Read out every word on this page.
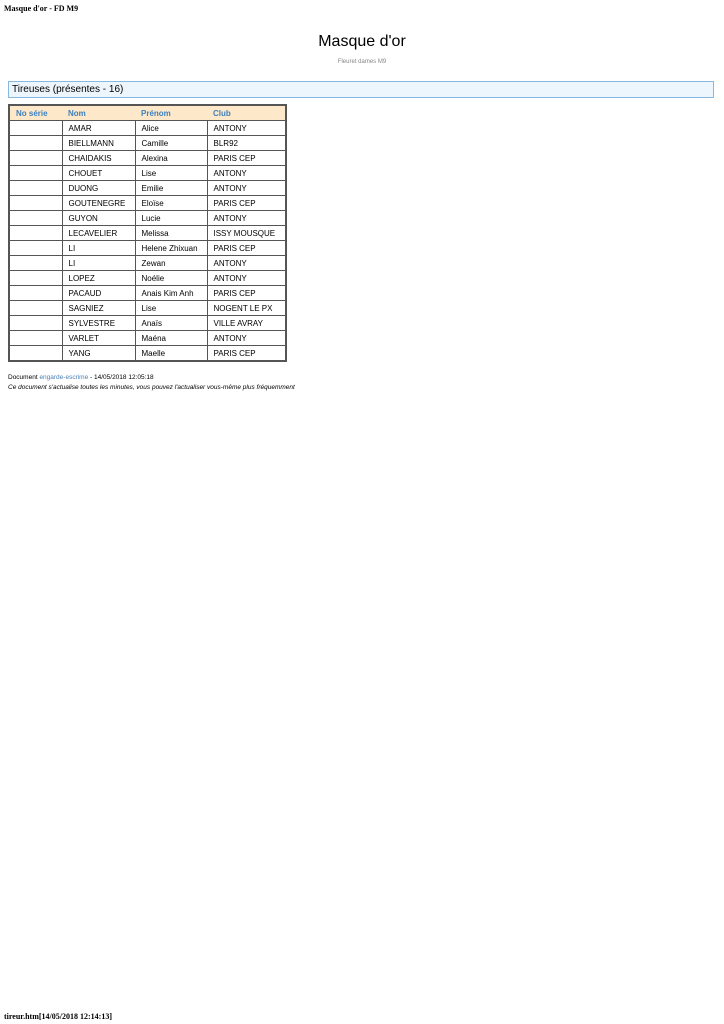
Masque d'or - FD M9
Masque d'or
Fleuret dames M9
Tireuses (présentes - 16)
No série	Nom	Prénom	Club
	AMAR	Alice	ANTONY
	BIELLMANN	Camille	BLR92
	CHAIDAKIS	Alexina	PARIS CEP
	CHOUET	Lise	ANTONY
	DUONG	Emilie	ANTONY
	GOUTENEGRE	Eloïse	PARIS CEP
	GUYON	Lucie	ANTONY
	LECAVELIER	Melissa	ISSY MOUSQUE
	LI	Helene Zhixuan	PARIS CEP
	LI	Zewan	ANTONY
	LOPEZ	Noélie	ANTONY
	PACAUD	Anais Kim Anh	PARIS CEP
	SAGNIEZ	Lise	NOGENT LE PX
	SYLVESTRE	Anaïs	VILLE AVRAY
	VARLET	Maéna	ANTONY
	YANG	Maelle	PARIS CEP
Document engarde-escrime - 14/05/2018 12:05:18
Ce document s'actualise toutes les minutes, vous pouvez l'actualiser vous-même plus fréquemment
tireur.htm[14/05/2018 12:14:13]
